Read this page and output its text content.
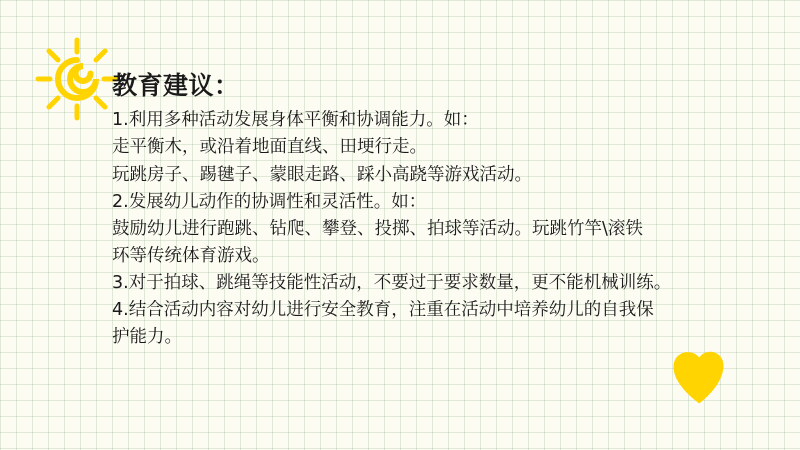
教育建议：
1.利用多种活动发展身体平衡和协调能力。如：
走平衡木，或沿着地面直线、田埂行走。
玩跳房子、踢毽子、蒙眼走路、踩小高跷等游戏活动。
2.发展幼儿动作的协调性和灵活性。如：
鼓励幼儿进行跑跳、钻爬、攀登、投掷、拍球等活动。玩跳竹竿\滚铁
环等传统体育游戏。
3.对于拍球、跳绳等技能性活动，不要过于要求数量，更不能机械训练。
4.结合活动内容对幼儿进行安全教育，注重在活动中培养幼儿的自我保
护能力。
